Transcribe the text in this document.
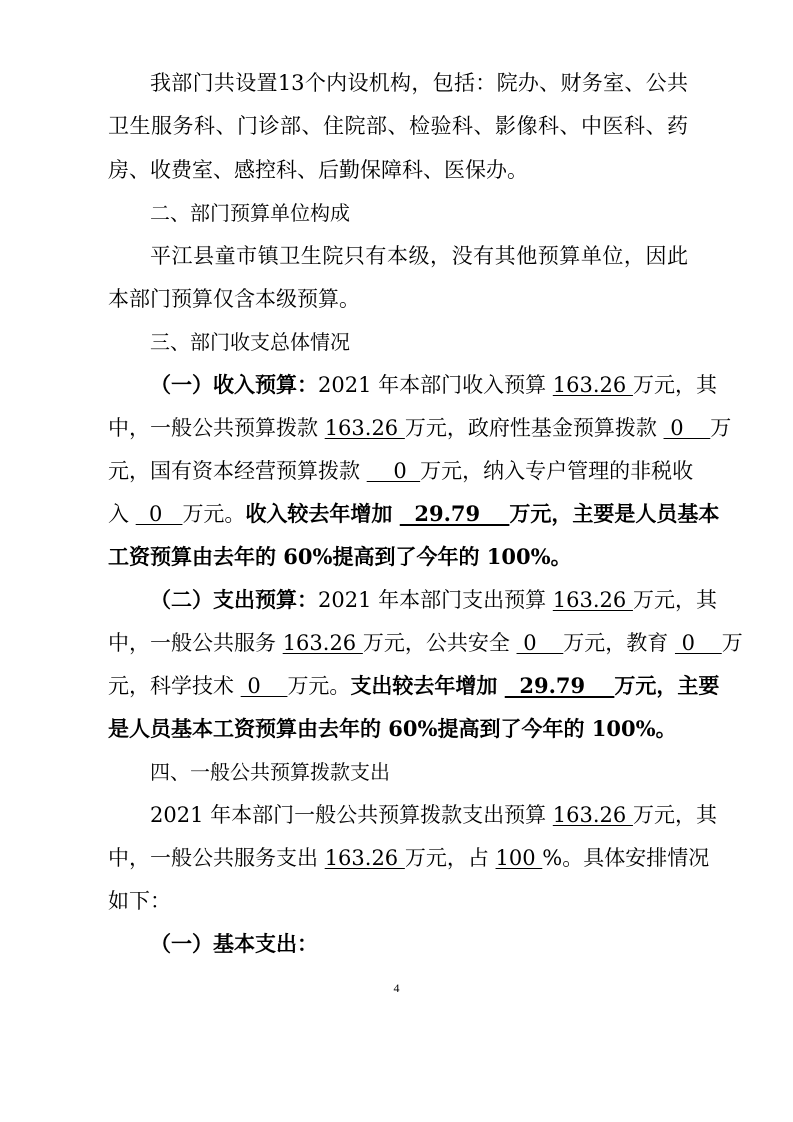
我部门共设置13个内设机构，包括：院办、财务室、公共
卫生服务科、门诊部、住院部、检验科、影像科、中医科、药
房、收费室、感控科、后勤保障科、医保办。
二、部门预算单位构成
平江县童市镇卫生院只有本级，没有其他预算单位，因此
本部门预算仅含本级预算。
三、部门收支总体情况
（一）收入预算：2021 年本部门收入预算 163.26 万元，其
中，一般公共预算拨款 163.26 万元，政府性基金预算拨款  0    万
元，国有资本经营预算拨款     0  万元，纳入专户管理的非税收
入   0   万元。收入较去年增加   29.79    万元，主要是人员基本
工资预算由去年的 60%提高到了今年的 100%。
（二）支出预算：2021 年本部门支出预算 163.26 万元，其
中，一般公共服务 163.26 万元，公共安全  0    万元，教育  0    万
元，科学技术  0    万元。支出较去年增加   29.79    万元，主要
是人员基本工资预算由去年的 60%提高到了今年的 100%。
四、一般公共预算拨款支出
2021 年本部门一般公共预算拨款支出预算 163.26 万元，其
中，一般公共服务支出 163.26 万元，占 100 %。具体安排情况
如下：
（一）基本支出：
4
